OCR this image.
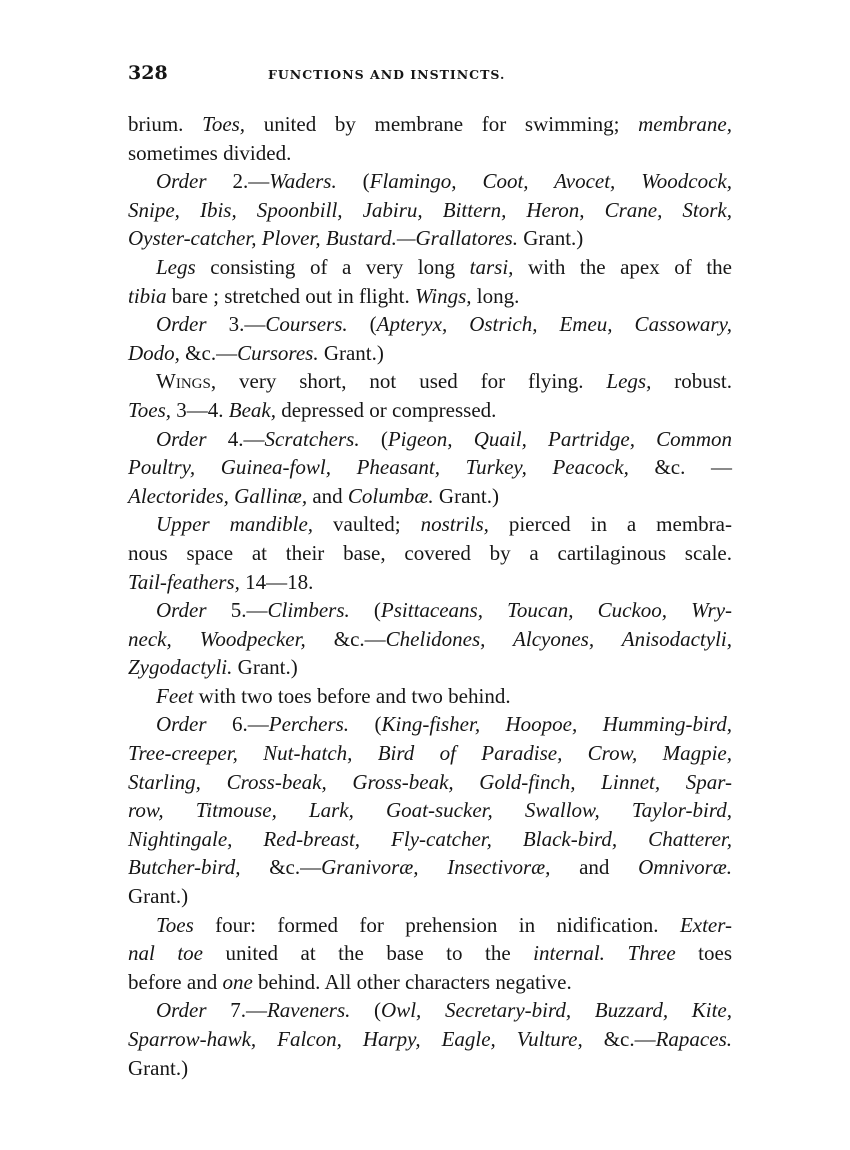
328	FUNCTIONS AND INSTINCTS.
brium. Toes, united by membrane for swimming; membrane,
sometimes divided.
Order 2.—Waders. (Flamingo, Coot, Avocet, Woodcock,
Snipe, Ibis, Spoonbill, Jabiru, Bittern, Heron, Crane, Stork,
Oyster-catcher, Plover, Bustard.—Grallatores. Grant.)
Legs consisting of a very long tarsi, with the apex of the
tibia bare ; stretched out in flight. Wings, long.
Order 3.—Coursers. (Apteryx, Ostrich, Emeu, Cassowary,
Dodo, &c.—Cursores. Grant.)
Wings, very short, not used for flying. Legs, robust.
Toes, 3—4. Beak, depressed or compressed.
Order 4.—Scratchers. (Pigeon, Quail, Partridge, Common
Poultry, Guinea-fowl, Pheasant, Turkey, Peacock, &c. —
Alectorides, Gallinæ, and Columbæ. Grant.)
Upper mandible, vaulted; nostrils, pierced in a membra-
nous space at their base, covered by a cartilaginous scale.
Tail-feathers, 14—18.
Order 5.—Climbers. (Psittaceans, Toucan, Cuckoo, Wry-
neck, Woodpecker, &c.—Chelidones, Alcyones, Anisodactyli,
Zygodactyli. Grant.)
Feet with two toes before and two behind.
Order 6.—Perchers. (King-fisher, Hoopoe, Humming-bird,
Tree-creeper, Nut-hatch, Bird of Paradise, Crow, Magpie,
Starling, Cross-beak, Gross-beak, Gold-finch, Linnet, Spar-
row, Titmouse, Lark, Goat-sucker, Swallow, Taylor-bird,
Nightingale, Red-breast, Fly-catcher, Black-bird, Chatterer,
Butcher-bird, &c.—Granivoræ, Insectivoræ, and Omnivoræ.
Grant.)
Toes four: formed for prehension in nidification. Exter-
nal toe united at the base to the internal. Three toes
before and one behind. All other characters negative.
Order 7.—Raveners. (Owl, Secretary-bird, Buzzard, Kite,
Sparrow-hawk, Falcon, Harpy, Eagle, Vulture, &c.—Rapaces.
Grant.)
